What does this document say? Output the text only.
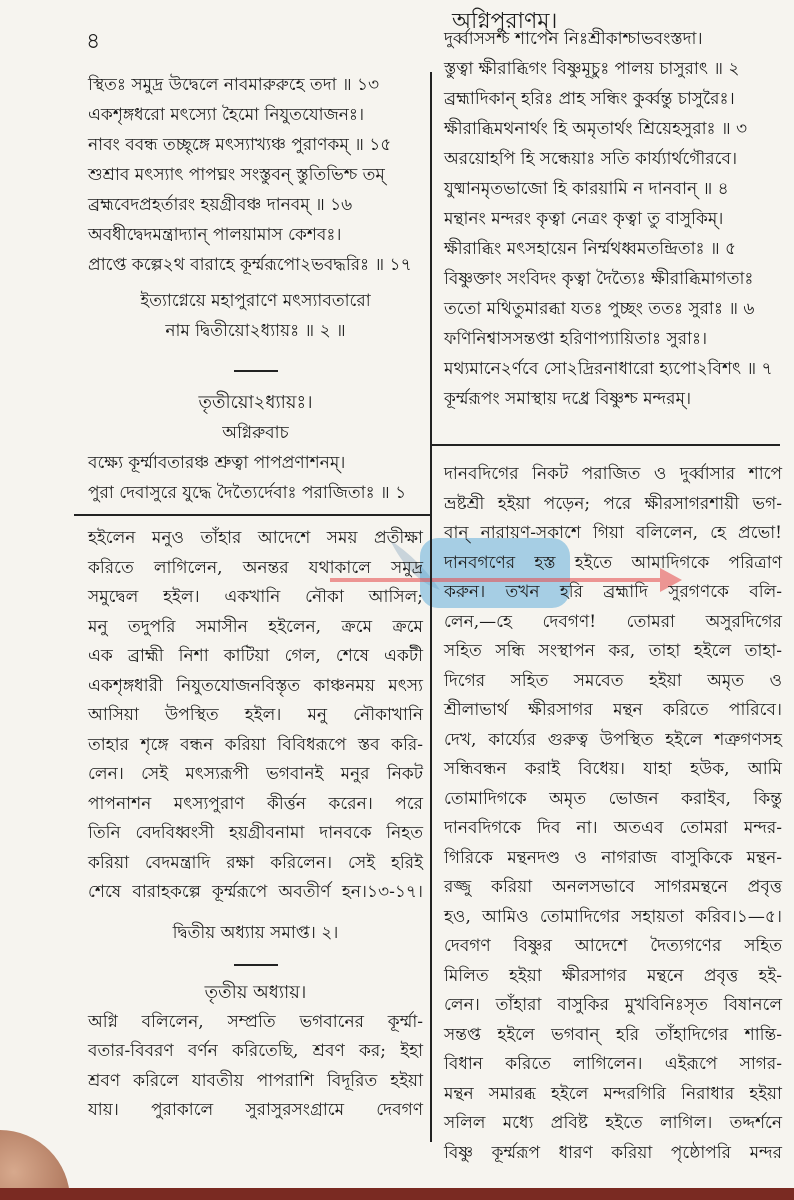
৪
অগ্নিপুরাণম্।
স্থিতঃ সমুদ্র উদ্বেলে নাবমারুরুহে তদা ॥ ১৩
একশৃঙ্গধরো মৎস্যো হৈমো নিযুতযোজনঃ।
নাবং ববন্ধ তচ্ছৃঙ্গে মৎস্যাখ্যঞ্চ পুরাণকম্ ॥ ১৫
শুশ্রাব মৎস্যাৎ পাপঘ্নং সংস্তুবন্ স্তুতিভিশ্চ তম্
ব্রহ্মবেদপ্রহর্তারং হয়গ্রীবঞ্চ দানবম্ ॥ ১৬
অবধীদ্বেদমন্ত্রাদ্যান্ পালয়ামাস কেশবঃ।
প্রাপ্তে কল্পে২থ বারাহে কূর্ম্মরূপো২ভবদ্ধরিঃ ॥ ১৭
ইত্যাগ্নেয়ে মহাপুরাণে মৎস্যাবতারো
নাম দ্বিতীয়ো২ধ্যায়ঃ ॥ ২ ॥
তৃতীয়ো২ধ্যায়ঃ।
অগ্নিরুবাচ
বক্ষ্যে কূর্ম্মাবতারঞ্চ শ্রুত্বা পাপপ্রণাশনম্।
পুরা দেবাসুরে যুদ্ধে দৈত্যৈর্দেবাঃ পরাজিতাঃ ॥ ১
হইলেন মনুও তাঁহার আদেশে সময় প্রতীক্ষা
করিতে লাগিলেন, অনন্তর যথাকালে সমুদ্র
সমুদ্বেল হইল। একখানি নৌকা আসিল;
মনু তদুপরি সমাসীন হইলেন, ক্রমে ক্রমে
এক ব্রাহ্মী নিশা কাটিয়া গেল, শেষে একটী
একশৃঙ্গধারী নিযুতযোজনবিস্তৃত কাঞ্চনময় মৎস্য
আসিয়া উপস্থিত হইল। মনু নৌকাখানি
তাহার শৃঙ্গে বন্ধন করিয়া বিবিধরূপে স্তব করি-
লেন। সেই মৎস্যরূপী ভগবানই মনুর নিকট
পাপনাশন মৎস্যপুরাণ কীর্ত্তন করেন। পরে
তিনি বেদবিধ্বংসী হয়গ্রীবনামা দানবকে নিহত
করিয়া বেদমন্ত্রাদি রক্ষা করিলেন। সেই হরিই
শেষে বারাহকল্পে কূর্ম্মরূপে অবতীর্ণ হন।১৩-১৭।
দ্বিতীয় অধ্যায় সমাপ্ত। ২।
তৃতীয় অধ্যায়।
অগ্নি বলিলেন, সম্প্রতি ভগবানের কূর্ম্মা-
বতার-বিবরণ বর্ণন করিতেছি, শ্রবণ কর; ইহা
শ্রবণ করিলে যাবতীয় পাপরাশি বিদূরিত হইয়া
যায়। পুরাকালে সুরাসুরসংগ্রামে দেবগণ
দুর্ব্বাসসশ্চ শাপেন নিঃশ্রীকাশ্চাভবংস্তদা।
স্তুত্বা ক্ষীরাব্ধিগং বিষ্ণুমূচুঃ পালয় চাসুরাৎ ॥ ২
ব্রহ্মাদিকান্ হরিঃ প্রাহ সন্ধিং কুর্ব্বন্তু চাসুরৈঃ।
ক্ষীরাব্ধিমথনার্থং হি অমৃতার্থং শ্রিয়েহসুরাঃ ॥ ৩
অরয়োহপি হি সন্ধেয়াঃ সতি কার্য্যার্থগৌরবে।
যুষ্মানমৃতভাজো হি কারয়ামি ন দানবান্ ॥ ৪
মন্থানং মন্দরং কৃত্বা নেত্রং কৃত্বা তু বাসুকিম্।
ক্ষীরাব্ধিং মৎসহায়েন নির্ম্মথধ্বমতন্দ্রিতাঃ ॥ ৫
বিষ্ণুক্তাং সংবিদং কৃত্বা দৈত্যৈঃ ক্ষীরাব্ধিমাগতাঃ
ততো মথিতুমারব্ধা যতঃ পুচ্ছং ততঃ সুরাঃ ॥ ৬
ফণিনিশ্বাসসন্তপ্তা হরিণাপ্যায়িতাঃ সুরাঃ।
মথ্যমানে২র্ণবে সো২দ্রিরনাধারো হ্যপো২বিশৎ ॥ ৭
কূর্ম্মরূপং সমাস্থায় দধ্রে বিষ্ণুশ্চ মন্দরম্।
দানবদিগের নিকট পরাজিত ও দুর্ব্বাসার শাপে
ভ্রষ্টশ্রী হইয়া পড়েন; পরে ক্ষীরসাগরশায়ী ভগ-
বান্ নারায়ণ-সকাশে গিয়া বলিলেন, হে প্রভো!
দানবগণের হস্ত হইতে আমাদিগকে পরিত্রাণ
করুন। তখন হরি ব্রহ্মাদি সুরগণকে বলি-
লেন,—হে দেবগণ! তোমরা অসুরদিগের
সহিত সন্ধি সংস্থাপন কর, তাহা হইলে তাহা-
দিগের সহিত সমবেত হইয়া অমৃত ও
শ্রীলাভার্থ ক্ষীরসাগর মন্থন করিতে পারিবে।
দেখ, কার্য্যের গুরুত্ব উপস্থিত হইলে শত্রুগণসহ
সন্ধিবন্ধন করাই বিধেয়। যাহা হউক, আমি
তোমাদিগকে অমৃত ভোজন করাইব, কিন্তু
দানবদিগকে দিব না। অতএব তোমরা মন্দর-
গিরিকে মন্থনদণ্ড ও নাগরাজ বাসুকিকে মন্থন-
রজ্জু করিয়া অনলসভাবে সাগরমন্থনে প্রবৃত্ত
হও, আমিও তোমাদিগের সহায়তা করিব।১—৫।
দেবগণ বিষ্ণুর আদেশে দৈত্যগণের সহিত
মিলিত হইয়া ক্ষীরসাগর মন্থনে প্রবৃত্ত হই-
লেন। তাঁহারা বাসুকির মুখবিনিঃসৃত বিষানলে
সন্তপ্ত হইলে ভগবান্ হরি তাঁহাদিগের শান্তি-
বিধান করিতে লাগিলেন। এইরূপে সাগর-
মন্থন সমারব্ধ হইলে মন্দরগিরি নিরাধার হইয়া
সলিল মধ্যে প্রবিষ্ট হইতে লাগিল। তদ্দর্শনে
বিষ্ণু কূর্ম্মরূপ ধারণ করিয়া পৃষ্ঠোপরি মন্দর
